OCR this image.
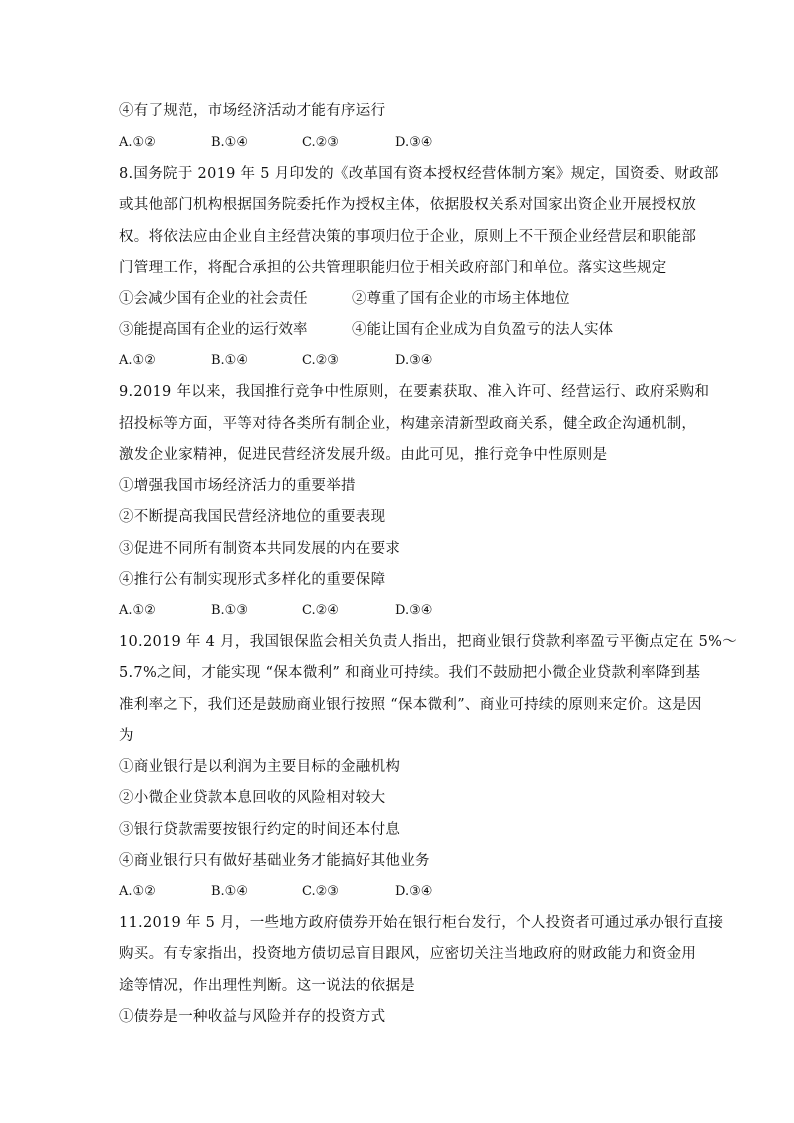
④有了规范，市场经济活动才能有序运行
A.①②	B.①④	C.②③	D.③④
8.国务院于 2019 年 5 月印发的《改革国有资本授权经营体制方案》规定，国资委、财政部
或其他部门机构根据国务院委托作为授权主体，依据股权关系对国家出资企业开展授权放
权。将依法应由企业自主经营决策的事项归位于企业，原则上不干预企业经营层和职能部
门管理工作，将配合承担的公共管理职能归位于相关政府部门和单位。落实这些规定
①会减少国有企业的社会责任	②尊重了国有企业的市场主体地位
③能提高国有企业的运行效率	④能让国有企业成为自负盈亏的法人实体
A.①②	B.①④	C.②③	D.③④
9.2019 年以来，我国推行竞争中性原则，在要素获取、准入许可、经营运行、政府采购和
招投标等方面，平等对待各类所有制企业，构建亲清新型政商关系，健全政企沟通机制，
激发企业家精神，促进民营经济发展升级。由此可见，推行竞争中性原则是
①增强我国市场经济活力的重要举措
②不断提高我国民营经济地位的重要表现
③促进不同所有制资本共同发展的内在要求
④推行公有制实现形式多样化的重要保障
A.①②	B.①③	C.②④	D.③④
10.2019 年 4 月，我国银保监会相关负责人指出，把商业银行贷款利率盈亏平衡点定在 5%～
5.7%之间，才能实现 “保本微利” 和商业可持续。我们不鼓励把小微企业贷款利率降到基
准利率之下，我们还是鼓励商业银行按照 “保本微利”、商业可持续的原则来定价。这是因
为
①商业银行是以利润为主要目标的金融机构
②小微企业贷款本息回收的风险相对较大
③银行贷款需要按银行约定的时间还本付息
④商业银行只有做好基础业务才能搞好其他业务
A.①②	B.①④	C.②③	D.③④
11.2019 年 5 月，一些地方政府债券开始在银行柜台发行，个人投资者可通过承办银行直接
购买。有专家指出，投资地方债切忌盲目跟风，应密切关注当地政府的财政能力和资金用
途等情况，作出理性判断。这一说法的依据是
①债券是一种收益与风险并存的投资方式
